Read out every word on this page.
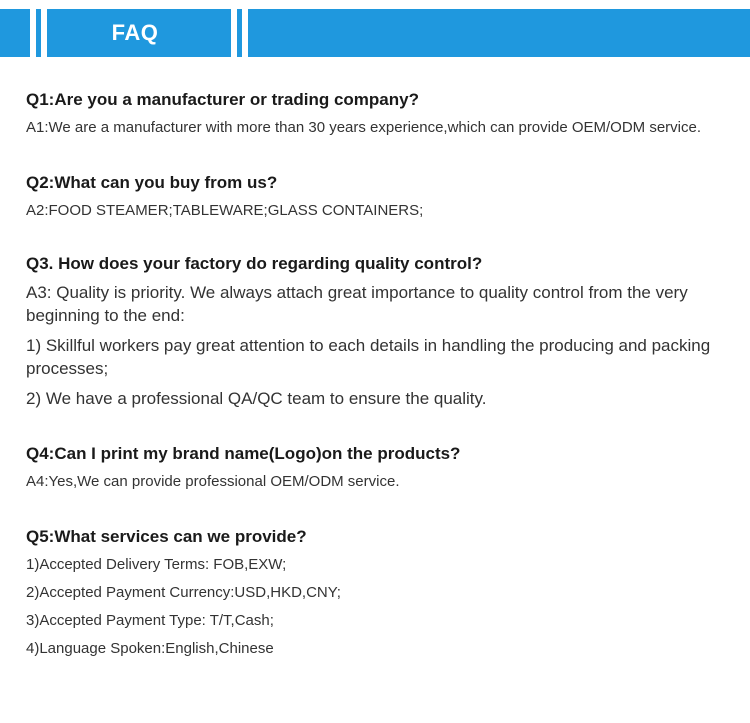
FAQ
Q1:Are you a manufacturer or trading company?
A1:We are a manufacturer with more than 30 years experience,which can provide OEM/ODM service.
Q2:What can you buy from us?
A2:FOOD STEAMER;TABLEWARE;GLASS CONTAINERS;
Q3. How does your factory do regarding quality control?
A3: Quality is priority. We always attach great importance to quality control from the very beginning to the end:
1) Skillful workers pay great attention to each details in handling the producing and packing processes;
2) We have a professional QA/QC team to ensure the quality.
Q4:Can I print my brand name(Logo)on the products?
A4:Yes,We can provide professional OEM/ODM service.
Q5:What services can we provide?
1)Accepted Delivery Terms: FOB,EXW;
2)Accepted Payment Currency:USD,HKD,CNY;
3)Accepted Payment Type: T/T,Cash;
4)Language Spoken:English,Chinese
